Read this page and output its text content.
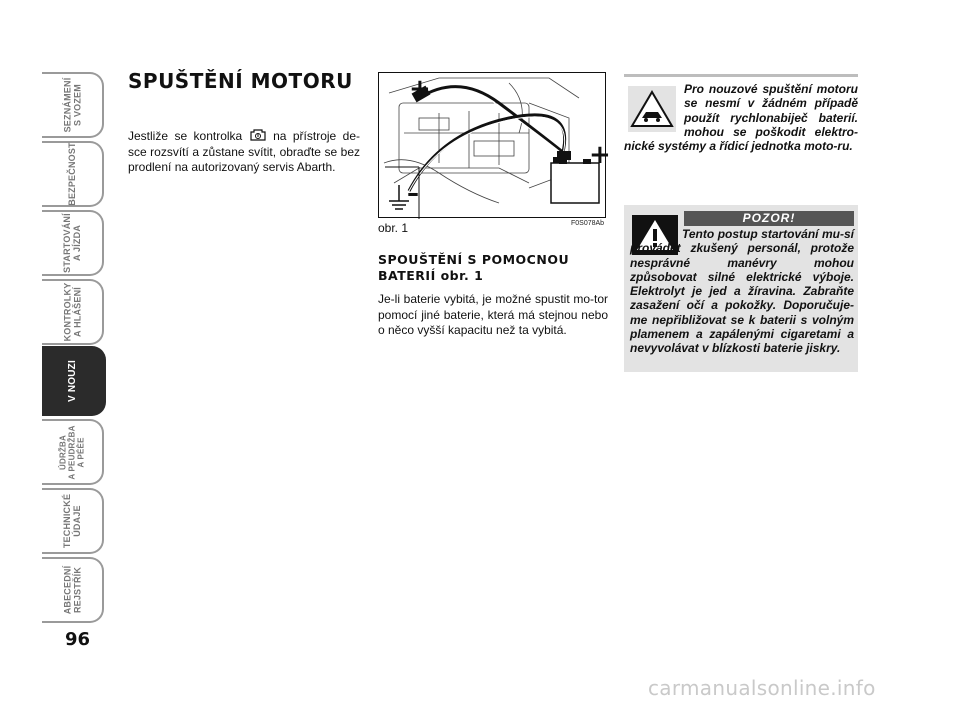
SEZNÁMENÍ
S VOZEM
BEZPEČNOST
STARTOVÁNÍ
A JÍZDA
KONTROLKY
A HLÁŠENÍ
V NOUZI
ÚDRŽBA
A PEUDRŽBA
A PÉÈE
TECHNICKÉ
ÚDAJE
ABECEDNÍ
REJSTŘÍK
96
SPUŠTĚNÍ MOTORU
Jestliže se kontrolka  na přístroje de-sce rozsvítí a zůstane svítit, obraďte se bez prodlení na autorizovaný servis Abarth.
+
+
–
obr. 1	F0S078Ab
SPOUŠTĚNÍ S POMOCNOU BATERIÍ obr. 1
Je-li baterie vybitá, je možné spustit mo-tor pomocí jiné baterie, která má stejnou nebo o něco vyšší kapacitu než ta vybitá.
Pro nouzové spuštění motoru se nesmí v žádném případě použít rychlonabiječ baterií. mohou se poškodit elektro-nické systémy a řídicí jednotka moto-ru.
POZOR!
Tento postup startování mu-sí provádět zkušený personál, protože nesprávné manévry mohou způsobovat silné elektrické výboje. Elektrolyt je jed a žíravina. Zabraňte zasažení očí a pokožky. Doporučuje-me nepřibližovat se k baterii s volným plamenem a zapálenými cigaretami a nevyvolávat v blízkosti baterie jiskry.
carmanualsonline.info
